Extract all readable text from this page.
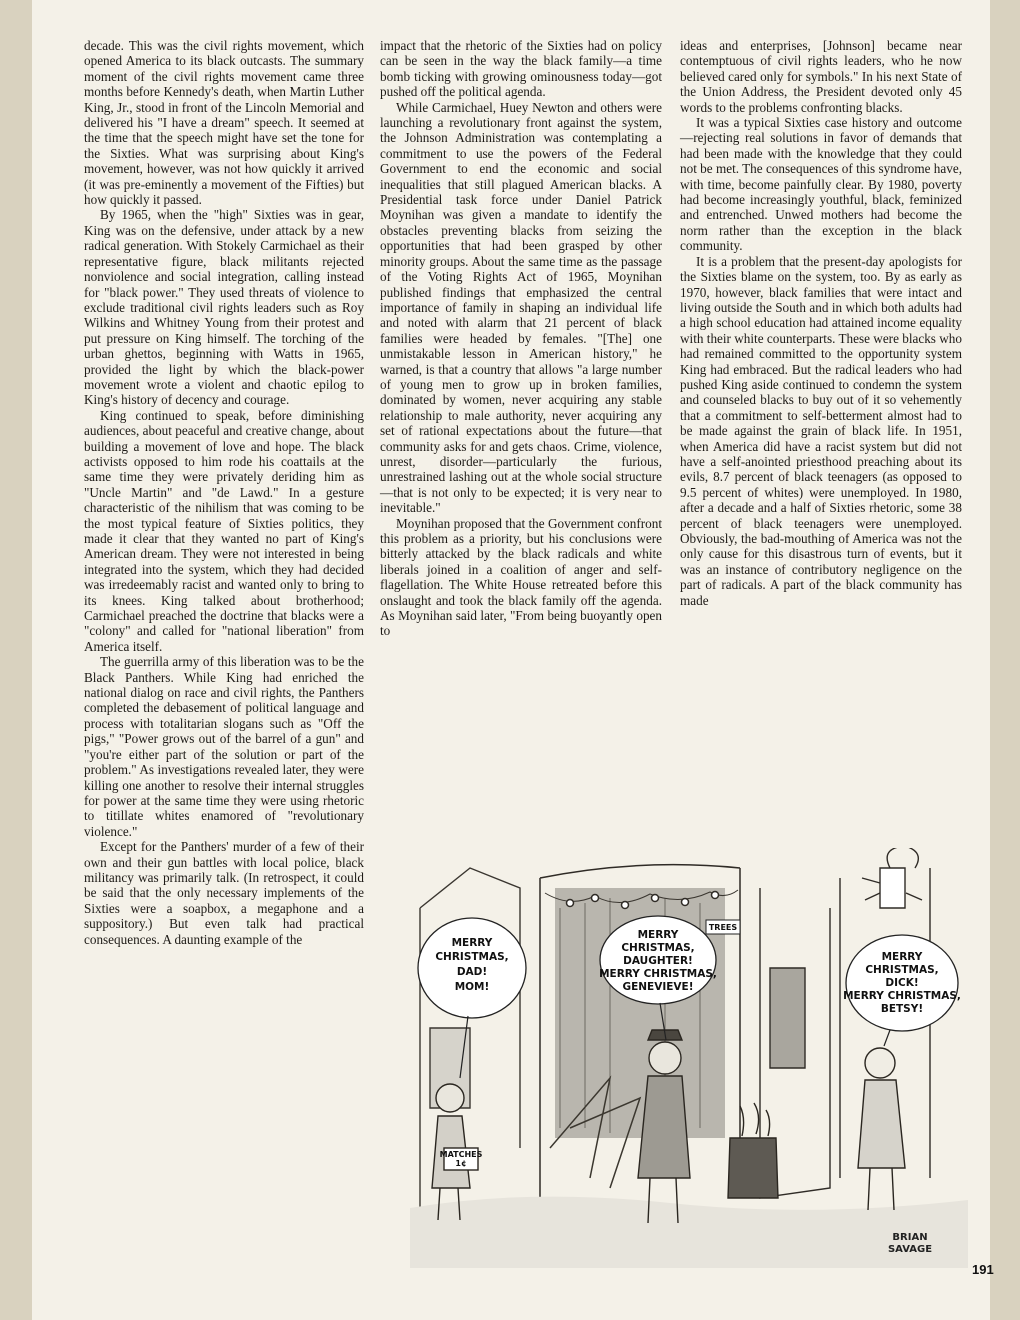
decade. This was the civil rights movement, which opened America to its black outcasts. The summary moment of the civil rights movement came three months before Kennedy's death, when Martin Luther King, Jr., stood in front of the Lincoln Memorial and delivered his "I have a dream" speech. It seemed at the time that the speech might have set the tone for the Sixties. What was surprising about King's movement, however, was not how quickly it arrived (it was pre-eminently a movement of the Fifties) but how quickly it passed.

By 1965, when the "high" Sixties was in gear, King was on the defensive, under attack by a new radical generation. With Stokely Carmichael as their representative figure, black militants rejected nonviolence and social integration, calling instead for "black power." They used threats of violence to exclude traditional civil rights leaders such as Roy Wilkins and Whitney Young from their protest and put pressure on King himself. The torching of the urban ghettos, beginning with Watts in 1965, provided the light by which the black-power movement wrote a violent and chaotic epilog to King's history of decency and courage.

King continued to speak, before diminishing audiences, about peaceful and creative change, about building a movement of love and hope. The black activists opposed to him rode his coattails at the same time they were privately deriding him as "Uncle Martin" and "de Lawd." In a gesture characteristic of the nihilism that was coming to be the most typical feature of Sixties politics, they made it clear that they wanted no part of King's American dream. They were not interested in being integrated into the system, which they had decided was irredeemably racist and wanted only to bring to its knees. King talked about brotherhood; Carmichael preached the doctrine that blacks were a "colony" and called for "national liberation" from America itself.

The guerrilla army of this liberation was to be the Black Panthers. While King had enriched the national dialog on race and civil rights, the Panthers completed the debasement of political language and process with totalitarian slogans such as "Off the pigs," "Power grows out of the barrel of a gun" and "you're either part of the solution or part of the problem." As investigations revealed later, they were killing one another to resolve their internal struggles for power at the same time they were using rhetoric to titillate whites enamored of "revolutionary violence."

Except for the Panthers' murder of a few of their own and their gun battles with local police, black militancy was primarily talk. (In retrospect, it could be said that the only necessary implements of the Sixties were a soapbox, a megaphone and a suppository.) But even talk had practical consequences. A daunting example of the

impact that the rhetoric of the Sixties had on policy can be seen in the way the black family—a time bomb ticking with growing ominousness today—got pushed off the political agenda.

While Carmichael, Huey Newton and others were launching a revolutionary front against the system, the Johnson Administration was contemplating a commitment to use the powers of the Federal Government to end the economic and social inequalities that still plagued American blacks. A Presidential task force under Daniel Patrick Moynihan was given a mandate to identify the obstacles preventing blacks from seizing the opportunities that had been grasped by other minority groups. About the same time as the passage of the Voting Rights Act of 1965, Moynihan published findings that emphasized the central importance of family in shaping an individual life and noted with alarm that 21 percent of black families were headed by females. "[The] one unmistakable lesson in American history," he warned, is that a country that allows "a large number of young men to grow up in broken families, dominated by women, never acquiring any stable relationship to male authority, never acquiring any set of rational expectations about the future—that community asks for and gets chaos. Crime, violence, unrest, disorder—particularly the furious, unrestrained lashing out at the whole social structure—that is not only to be expected; it is very near to inevitable."

Moynihan proposed that the Government confront this problem as a priority, but his conclusions were bitterly attacked by the black radicals and white liberals joined in a coalition of anger and self-flagellation. The White House retreated before this onslaught and took the black family off the agenda. As Moynihan said later, "From being buoyantly open to

ideas and enterprises, [Johnson] became near contemptuous of civil rights leaders, who he now believed cared only for symbols." In his next State of the Union Address, the President devoted only 45 words to the problems confronting blacks.

It was a typical Sixties case history and outcome—rejecting real solutions in favor of demands that had been made with the knowledge that they could not be met. The consequences of this syndrome have, with time, become painfully clear. By 1980, poverty had become increasingly youthful, black, feminized and entrenched. Unwed mothers had become the norm rather than the exception in the black community.

It is a problem that the present-day apologists for the Sixties blame on the system, too. By as early as 1970, however, black families that were intact and living outside the South and in which both adults had a high school education had attained income equality with their white counterparts. These were blacks who had remained committed to the opportunity system King had embraced. But the radical leaders who had pushed King aside continued to condemn the system and counseled blacks to buy out of it so vehemently that a commitment to self-betterment almost had to be made against the grain of black life. In 1951, when America did have a racist system but did not have a self-anointed priesthood preaching about its evils, 8.7 percent of black teenagers (as opposed to 9.5 percent of whites) were unemployed. In 1980, after a decade and a half of Sixties rhetoric, some 38 percent of black teenagers were unemployed. Obviously, the bad-mouthing of America was not the only cause for this disastrous turn of events, but it was an instance of contributory negligence on the part of radicals. A part of the black community has made

MERRY
CHRISTMAS,
DAD!
MOM!
MERRY
CHRISTMAS,
DAUGHTER!
MERRY CHRISTMAS,
GENEVIEVE!
MERRY
CHRISTMAS,
DICK!
MERRY CHRISTMAS,
BETSY!
TREES
MATCHES
1¢
BRIAN
SAVAGE
191
